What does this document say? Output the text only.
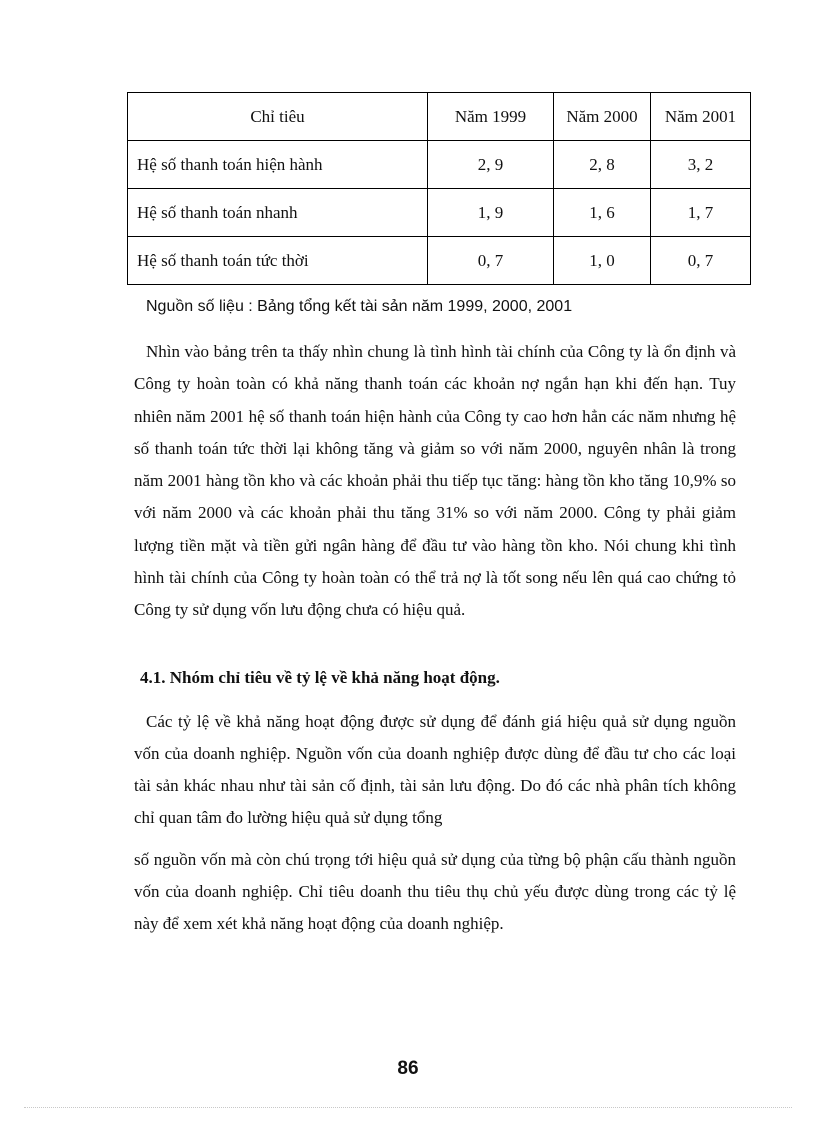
Chỉ tiêu	Năm 1999	Năm 2000	Năm 2001
Hệ số thanh toán hiện hành	2, 9	2, 8	3, 2
Hệ số thanh toán nhanh	1, 9	1, 6	1, 7
Hệ số thanh toán tức thời	0, 7	1, 0	0, 7
Nguồn số liệu : Bảng tổng kết tài sản năm 1999, 2000, 2001

Nhìn vào bảng trên ta thấy nhìn chung là tình hình tài chính của Công ty là ổn định và Công ty hoàn toàn có khả năng thanh toán các khoản nợ ngắn hạn khi đến hạn. Tuy nhiên năm 2001 hệ số thanh toán hiện hành của Công ty cao hơn hẳn các năm nhưng hệ số thanh toán tức thời lại không tăng và giảm so với năm 2000, nguyên nhân là trong năm 2001 hàng tồn kho và các khoản phải thu tiếp tục tăng: hàng tồn kho tăng 10,9% so với năm 2000 và các khoản phải thu tăng 31% so với năm 2000. Công ty phải giảm lượng tiền mặt và tiền gửi ngân hàng để đầu tư vào hàng tồn kho. Nói chung khi tình hình tài chính của Công ty hoàn toàn có thể trả nợ là tốt song nếu lên quá cao chứng tỏ Công ty sử dụng vốn lưu động chưa có hiệu quả.

4.1. Nhóm chỉ tiêu về tỷ lệ về khả năng hoạt động.

Các tỷ lệ về khả năng hoạt động được sử dụng để đánh giá hiệu quả sử dụng nguồn vốn của doanh nghiệp. Nguồn vốn của doanh nghiệp được dùng để đầu tư cho các loại tài sản khác nhau như tài sản cố định, tài sản lưu động. Do đó các nhà phân tích không chỉ quan tâm đo lường hiệu quả sử dụng tổng

số nguồn vốn mà còn chú trọng tới hiệu quả sử dụng của từng bộ phận cấu thành nguồn vốn của doanh nghiệp. Chỉ tiêu doanh thu tiêu thụ chủ yếu được dùng trong các tỷ lệ này để xem xét khả năng hoạt động của doanh nghiệp.

86
